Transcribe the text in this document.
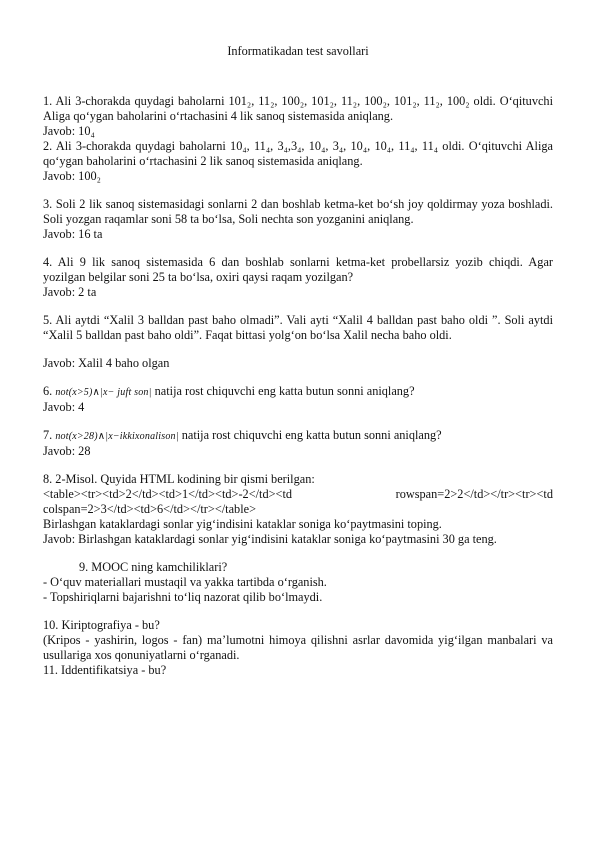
Informatikadan test savollari

1. Ali 3-chorakda quydagi baholarni 101₂, 11₂, 100₂, 101₂, 11₂, 100₂, 101₂, 11₂, 100₂ oldi. O‘qituvchi Aliga qo‘ygan baholarini o‘rtachasini 4 lik sanoq sistemasida aniqlang.

Javob: 10₄

2. Ali 3-chorakda quydagi baholarni 10₄, 11₄, 3₄,3₄, 10₄, 3₄, 10₄, 10₄, 11₄, 11₄ oldi. O‘qituvchi Aliga qo‘ygan baholarini o‘rtachasini 2 lik sanoq sistemasida aniqlang.

Javob: 100₂

3. Soli 2 lik sanoq sistemasidagi sonlarni 2 dan boshlab ketma-ket bo‘sh joy qoldirmay yoza boshladi. Soli yozgan raqamlar soni 58 ta bo‘lsa, Soli nechta son yozganini aniqlang.

Javob: 16 ta

4. Ali 9 lik sanoq sistemasida 6 dan boshlab sonlarni ketma-ket probellarsiz yozib chiqdi. Agar yozilgan belgilar soni 25 ta bo‘lsa, oxiri qaysi raqam yozilgan?

Javob: 2 ta

5. Ali aytdi “Xalil 3 balldan past baho olmadi”. Vali ayti “Xalil 4 balldan past baho oldi ”. Soli aytdi “Xalil 5 balldan past baho oldi”. Faqat bittasi yolg‘on bo‘lsa Xalil necha baho oldi.

Javob: Xalil 4 baho olgan

6. not(x>5)∧|x− juft son| natija rost chiquvchi eng katta butun sonni aniqlang?

Javob: 4

7. not(x>28)∧|x−ikkixonalison| natija rost chiquvchi eng katta butun sonni aniqlang?

Javob: 28

8. 2-Misol. Quyida HTML kodining bir qismi berilgan:

<table><tr><td>2</td><td>1</td><td>-2</td><td            rowspan=2>2</td></tr><tr><td colspan=2>3</td><td>6</td></tr></table>

Birlashgan kataklardagi sonlar yig‘indisini kataklar soniga ko‘paytmasini toping.

Javob: Birlashgan kataklardagi sonlar yig‘indisini kataklar soniga ko‘paytmasini 30 ga teng.

9. MOOC ning kamchiliklari?

- O‘quv materiallari mustaqil va yakka tartibda o‘rganish.

- Topshiriqlarni bajarishni to‘liq nazorat qilib bo‘lmaydi.

10. Kiriptografiya - bu?

(Kripos - yashirin, logos - fan) ma’lumotni himoya qilishni asrlar davomida yig‘ilgan manbalari va usullariga xos qonuniyatlarni o‘rganadi.

11. Iddentifikatsiya - bu?
